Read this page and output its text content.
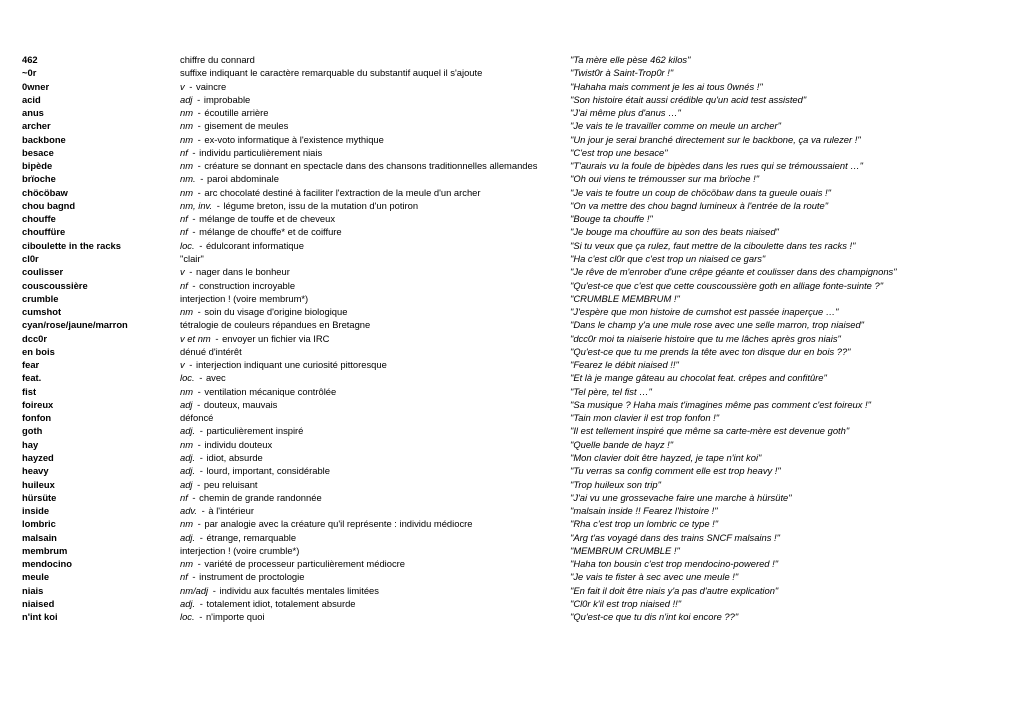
462	chiffre du connard	"Ta mère elle pèse 462 kilos"
~0r	suffixe indiquant le caractère remarquable du substantif auquel il s'ajoute	"Twist0r à Saint-Trop0r !"
0wner	v - vaincre	"Hahaha mais comment je les ai tous 0wnés !"
acid	adj - improbable	"Son histoire était aussi crédible qu'un acid test assisted"
anus	nm - écoutille arrière	"J'ai même plus d'anus …"
archer	nm - gisement de meules	"Je vais te le travailler comme on meule un archer"
backbone	nm - ex-voto informatique à l'existence mythique	"Un jour je serai branché directement sur le backbone, ça va rulezer !"
besace	nf - individu particulièrement niais	"C'est trop une besace"
bipède	nm - créature se donnant en spectacle dans des chansons traditionnelles allemandes	"T'aurais vu la foule de bipèdes dans les rues qui se trémoussaient …"
brïoche	nm. - paroi abdominale	"Oh oui viens te trémousser sur ma brïoche !"
chöcöbaw	nm - arc chocolaté destiné à faciliter l'extraction de la meule d'un archer	"Je vais te foutre un coup de chöcöbaw dans ta gueule ouais !"
chou bagnd	nm, inv. - légume breton, issu de la mutation d'un potiron	"On va mettre des chou bagnd lumineux à l'entrée de la route"
chouffe	nf - mélange de touffe et de cheveux	"Bouge ta chouffe !"
chouffüre	nf - mélange de chouffe* et de coiffure	"Je bouge ma chouffüre au son des beats niaised"
ciboulette in the racks	loc. - édulcorant informatique	"Si tu veux que ça rulez, faut mettre de la ciboulette dans tes racks !"
cl0r	"clair"	"Ha c'est cl0r que c'est trop un niaised ce gars"
coulisser	v - nager dans le bonheur	"Je rêve de m'enrober d'une crêpe géante et coulisser dans des champignons"
couscoussière	nf - construction incroyable	"Qu'est-ce que c'est que cette couscoussière goth en alliage fonte-suinte ?"
crumble	interjection ! (voire membrum*)	"CRUMBLE MEMBRUM !"
cumshot	nm - soin du visage d'origine biologique	"J'espère que mon histoire de cumshot est passée inaperçue …"
cyan/rose/jaune/marron	tétralogie de couleurs répandues en Bretagne	"Dans le champ y'a une mule rose avec une selle marron, trop niaised"
dcc0r	v et nm - envoyer un fichier via IRC	"dcc0r moi ta niaiserie histoire que tu me lâches après gros niais"
en bois	dénué d'intérêt	"Qu'est-ce que tu me prends la tête avec ton disque dur en bois ??"
fear	v - interjection indiquant une curiosité pittoresque	"Fearez le débit niaised !!"
feat.	loc. - avec	"Et là je mange gâteau au chocolat feat. crêpes and confitûre"
fist	nm - ventilation mécanique contrôlée	"Tel père, tel fist …"
foireux	adj - douteux, mauvais	"Sa musique ? Haha mais t'imagines même pas comment c'est foireux !"
fonfon	défoncé	"Tain mon clavier il est trop fonfon !"
goth	adj. - particulièrement inspiré	"Il est tellement inspiré que même sa carte-mère est devenue goth"
hay	nm - individu douteux	"Quelle bande de hayz !"
hayzed	adj. - idiot, absurde	"Mon clavier doit être hayzed, je tape n'int koi"
heavy	adj. - lourd, important, considérable	"Tu verras sa config comment elle est trop heavy !"
huileux	adj - peu reluisant	"Trop huileux son trip"
hürsüte	nf - chemin de grande randonnée	"J'ai vu une grossevache faire une marche à hürsüte"
inside	adv. - à l'intérieur	"malsain inside !! Fearez l'histoire !"
lombric	nm - par analogie avec la créature qu'il représente : individu médiocre	"Rha c'est trop un lombric ce type !"
malsain	adj. - étrange, remarquable	"Arg t'as voyagé dans des trains SNCF malsains !"
membrum	interjection ! (voire crumble*)	"MEMBRUM CRUMBLE !"
mendocino	nm - variété de processeur particulièrement médiocre	"Haha ton bousin c'est trop mendocino-powered !"
meule	nf - instrument de proctologie	"Je vais te fister à sec avec une meule !"
niais	nm/adj - individu aux facultés mentales limitées	"En fait il doit être niais y'a pas d'autre explication"
niaised	adj. - totalement idiot, totalement absurde	"Cl0r k'il est trop niaised !!"
n'int koi	loc. - n'importe quoi	"Qu'est-ce que tu dis n'int koi encore ??"
